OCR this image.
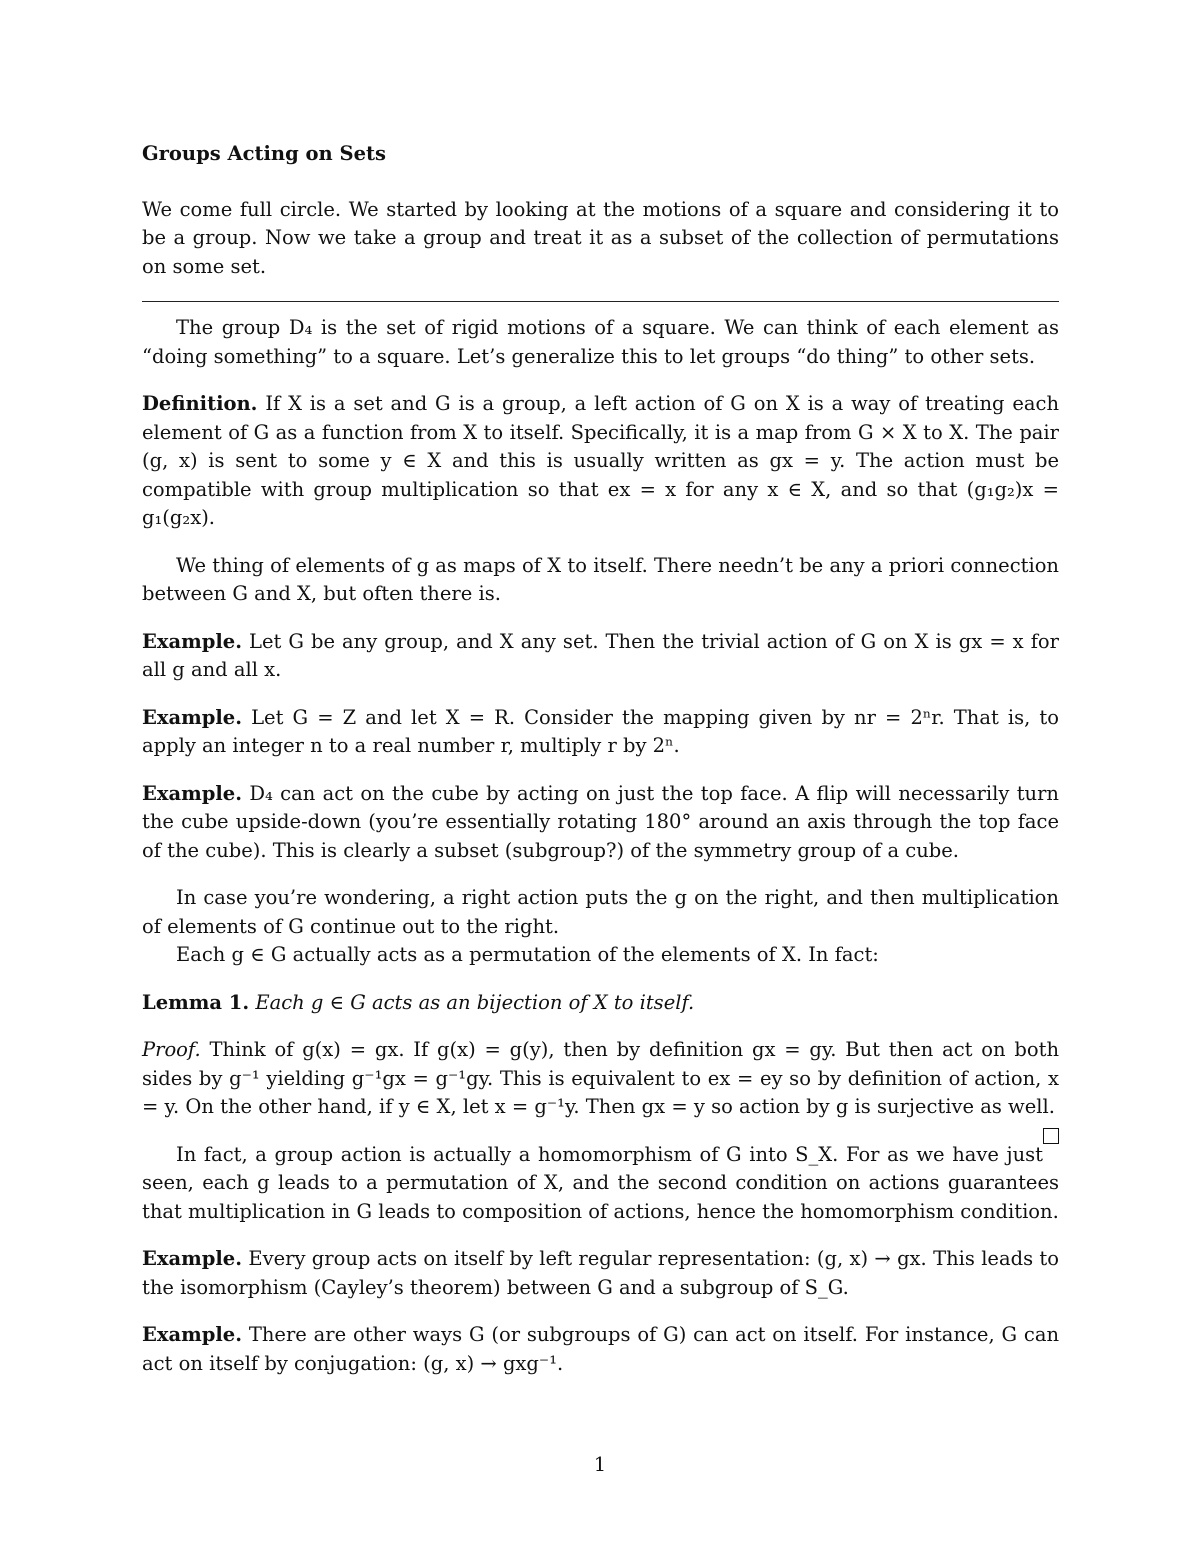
Groups Acting on Sets

We come full circle. We started by looking at the motions of a square and considering it to be a group. Now we take a group and treat it as a subset of the collection of permutations on some set.

The group D₄ is the set of rigid motions of a square. We can think of each element as “doing something” to a square. Let’s generalize this to let groups “do thing” to other sets.

Definition. If X is a set and G is a group, a left action of G on X is a way of treating each element of G as a function from X to itself. Specifically, it is a map from G × X to X. The pair (g, x) is sent to some y ∈ X and this is usually written as gx = y. The action must be compatible with group multiplication so that ex = x for any x ∈ X, and so that (g₁g₂)x = g₁(g₂x).

We thing of elements of g as maps of X to itself. There needn’t be any a priori connection between G and X, but often there is.

Example. Let G be any group, and X any set. Then the trivial action of G on X is gx = x for all g and all x.

Example. Let G = Z and let X = R. Consider the mapping given by nr = 2ⁿr. That is, to apply an integer n to a real number r, multiply r by 2ⁿ.

Example. D₄ can act on the cube by acting on just the top face. A flip will necessarily turn the cube upside-down (you’re essentially rotating 180° around an axis through the top face of the cube). This is clearly a subset (subgroup?) of the symmetry group of a cube.

In case you’re wondering, a right action puts the g on the right, and then multiplication of elements of G continue out to the right.

Each g ∈ G actually acts as a permutation of the elements of X. In fact:

Lemma 1. Each g ∈ G acts as an bijection of X to itself.

Proof. Think of g(x) = gx. If g(x) = g(y), then by definition gx = gy. But then act on both sides by g⁻¹ yielding g⁻¹gx = g⁻¹gy. This is equivalent to ex = ey so by definition of action, x = y. On the other hand, if y ∈ X, let x = g⁻¹y. Then gx = y so action by g is surjective as well.

In fact, a group action is actually a homomorphism of G into S_X. For as we have just seen, each g leads to a permutation of X, and the second condition on actions guarantees that multiplication in G leads to composition of actions, hence the homomorphism condition.

Example. Every group acts on itself by left regular representation: (g, x) → gx. This leads to the isomorphism (Cayley’s theorem) between G and a subgroup of S_G.

Example. There are other ways G (or subgroups of G) can act on itself. For instance, G can act on itself by conjugation: (g, x) → gxg⁻¹.

1
